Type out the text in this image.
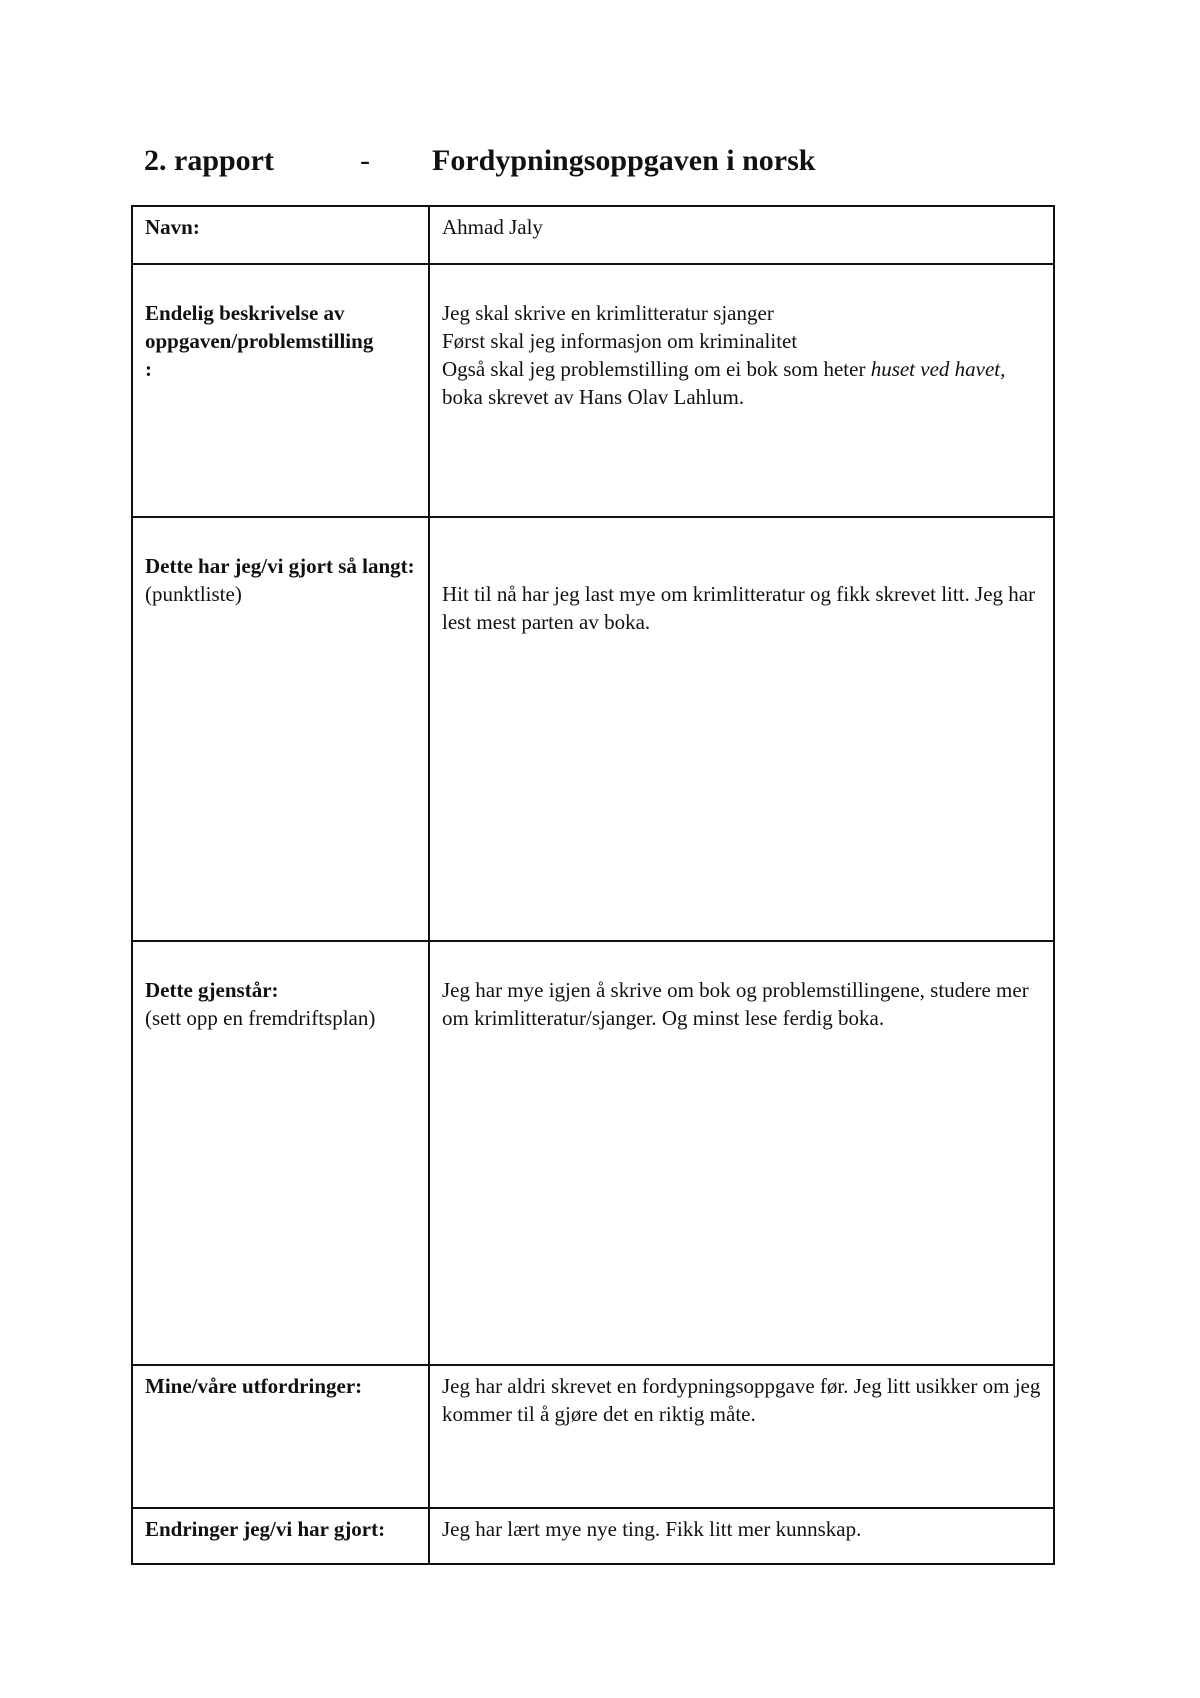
2. rapport	- Fordypningsoppgaven i norsk
Navn:	Ahmad Jaly

Endelig beskrivelse av
oppgaven/problemstilling
:	Jeg skal skrive en krimlitteratur sjanger
Først skal jeg informasjon om kriminalitet
Også skal jeg problemstilling om ei bok som heter huset ved havet, boka skrevet av Hans Olav Lahlum.

Dette har jeg/vi gjort så langt: (punktliste)	Hit til nå har jeg last mye om krimlitteratur og fikk skrevet litt. Jeg har lest mest parten av boka.

Dette gjenstår:
(sett opp en fremdriftsplan)	Jeg har mye igjen å skrive om bok og problemstillingene, studere mer om krimlitteratur/sjanger. Og minst lese ferdig boka.
Mine/våre utfordringer:	Jeg har aldri skrevet en fordypningsoppgave før. Jeg litt usikker om jeg kommer til å gjøre det en riktig måte.
Endringer jeg/vi har gjort:	Jeg har lært mye nye ting. Fikk litt mer kunnskap.
